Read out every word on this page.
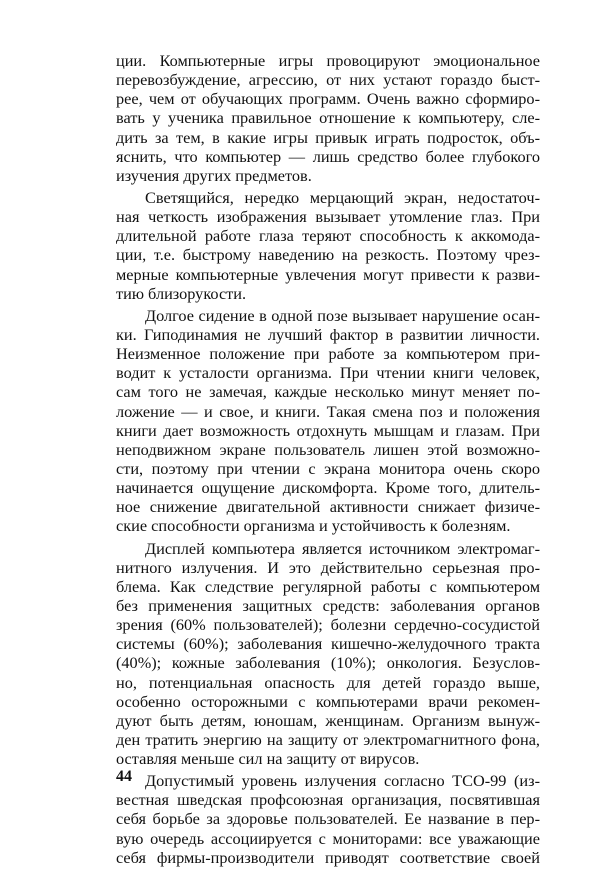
ции. Компьютерные игры провоцируют эмоциональное
перевозбуждение, агрессию, от них устают гораздо быст-
рее, чем от обучающих программ. Очень важно сформиро-
вать у ученика правильное отношение к компьютеру, сле-
дить за тем, в какие игры привык играть подросток, объ-
яснить, что компьютер — лишь средство более глубокого
изучения других предметов.
Светящийся, нередко мерцающий экран, недостаточ-
ная четкость изображения вызывает утомление глаз. При
длительной работе глаза теряют способность к аккомода-
ции, т.е. быстрому наведению на резкость. Поэтому чрез-
мерные компьютерные увлечения могут привести к разви-
тию близорукости.
Долгое сидение в одной позе вызывает нарушение осан-
ки. Гиподинамия не лучший фактор в развитии личности.
Неизменное положение при работе за компьютером при-
водит к усталости организма. При чтении книги человек,
сам того не замечая, каждые несколько минут меняет по-
ложение — и свое, и книги. Такая смена поз и положения
книги дает возможность отдохнуть мышцам и глазам. При
неподвижном экране пользователь лишен этой возможно-
сти, поэтому при чтении с экрана монитора очень скоро
начинается ощущение дискомфорта. Кроме того, длитель-
ное снижение двигательной активности снижает физиче-
ские способности организма и устойчивость к болезням.
Дисплей компьютера является источником электромаг-
нитного излучения. И это действительно серьезная про-
блема. Как следствие регулярной работы с компьютером
без применения защитных средств: заболевания органов
зрения (60% пользователей); болезни сердечно-сосудистой
системы (60%); заболевания кишечно-желудочного тракта
(40%); кожные заболевания (10%); онкология. Безуслов-
но, потенциальная опасность для детей гораздо выше,
особенно осторожными с компьютерами врачи рекомен-
дуют быть детям, юношам, женщинам. Организм вынуж-
ден тратить энергию на защиту от электромагнитного фона,
оставляя меньше сил на защиту от вирусов.
Допустимый уровень излучения согласно ТСО-99 (из-
вестная шведская профсоюзная организация, посвятившая
себя борьбе за здоровье пользователей. Ее название в пер-
вую очередь ассоциируется с мониторами: все уважающие
себя фирмы-производители приводят соответствие своей
44
